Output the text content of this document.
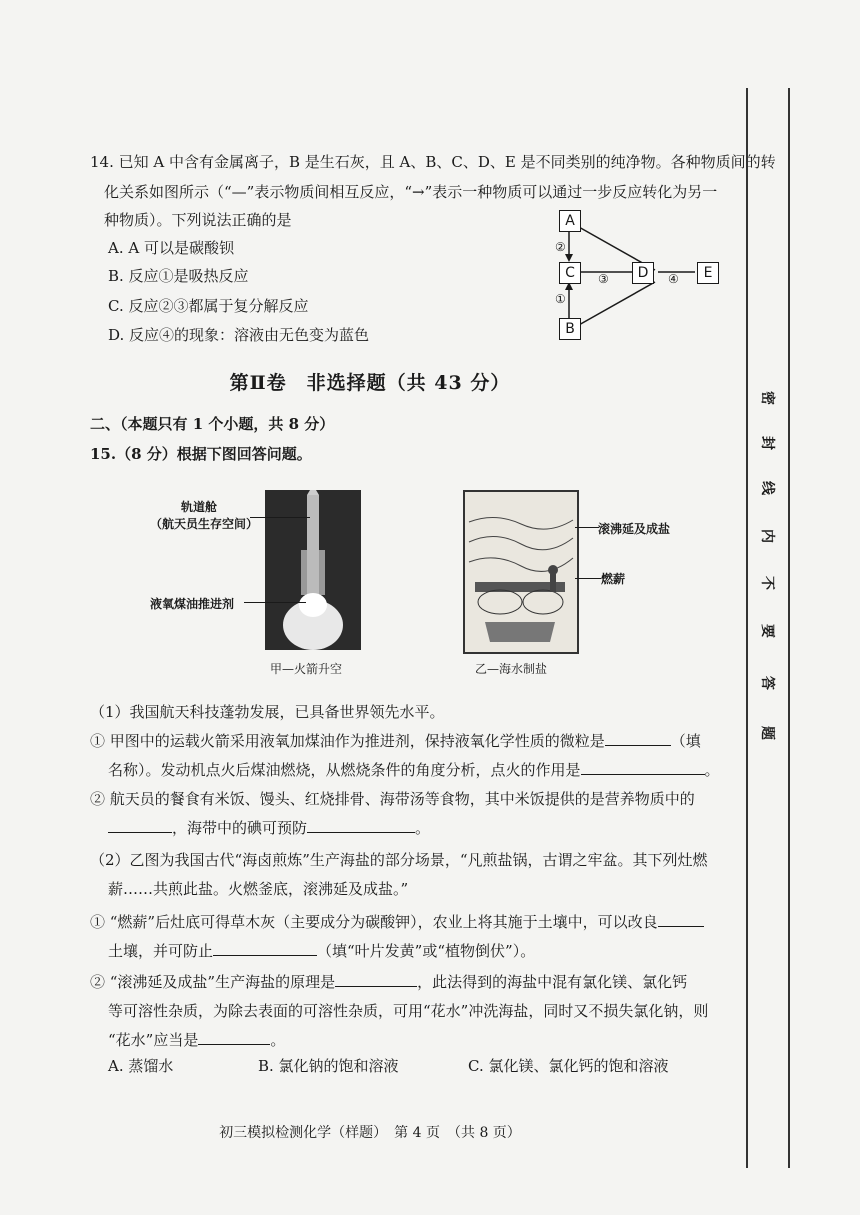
14. 已知 A 中含有金属离子，B 是生石灰，且 A、B、C、D、E 是不同类别的纯净物。各种物质间的转
化关系如图所示（“—”表示物质间相互反应，“→”表示一种物质可以通过一步反应转化为另一
种物质）。下列说法正确的是
A. A 可以是碳酸钡
B. 反应①是吸热反应
C. 反应②③都属于复分解反应
D. 反应④的现象：溶液由无色变为蓝色
A
C
B
D	E
②
①
③	④
第Ⅱ卷　非选择题（共 43 分）
二、（本题只有 1 个小题，共 8 分）
15.（8 分）根据下图回答问题。
轨道舱
（航天员生存空间）
液氧煤油推进剂
甲—火箭升空
滚沸延及成盐
燃薪
乙—海水制盐
（1）我国航天科技蓬勃发展，已具备世界领先水平。
① 甲图中的运载火箭采用液氧加煤油作为推进剂，保持液氧化学性质的微粒是	（填
名称）。发动机点火后煤油燃烧，从燃烧条件的角度分析，点火的作用是	。
② 航天员的餐食有米饭、馒头、红烧排骨、海带汤等食物，其中米饭提供的是营养物质中的
，海带中的碘可预防	。
（2）乙图为我国古代“海卤煎炼”生产海盐的部分场景，“凡煎盐锅，古谓之牢盆。其下列灶燃
薪……共煎此盐。火燃釜底，滚沸延及成盐。”
① “燃薪”后灶底可得草木灰（主要成分为碳酸钾），农业上将其施于土壤中，可以改良
土壤，并可防止	（填“叶片发黄”或“植物倒伏”）。
② “滚沸延及成盐”生产海盐的原理是	，此法得到的海盐中混有氯化镁、氯化钙
等可溶性杂质，为除去表面的可溶性杂质，可用“花水”冲洗海盐，同时又不损失氯化钠，则
“花水”应当是	。
A. 蒸馏水	B. 氯化钠的饱和溶液	C. 氯化镁、氯化钙的饱和溶液
初三模拟检测化学（样题）　第 4 页　（共 8 页）
密
封
线
内
不
要
答
题
